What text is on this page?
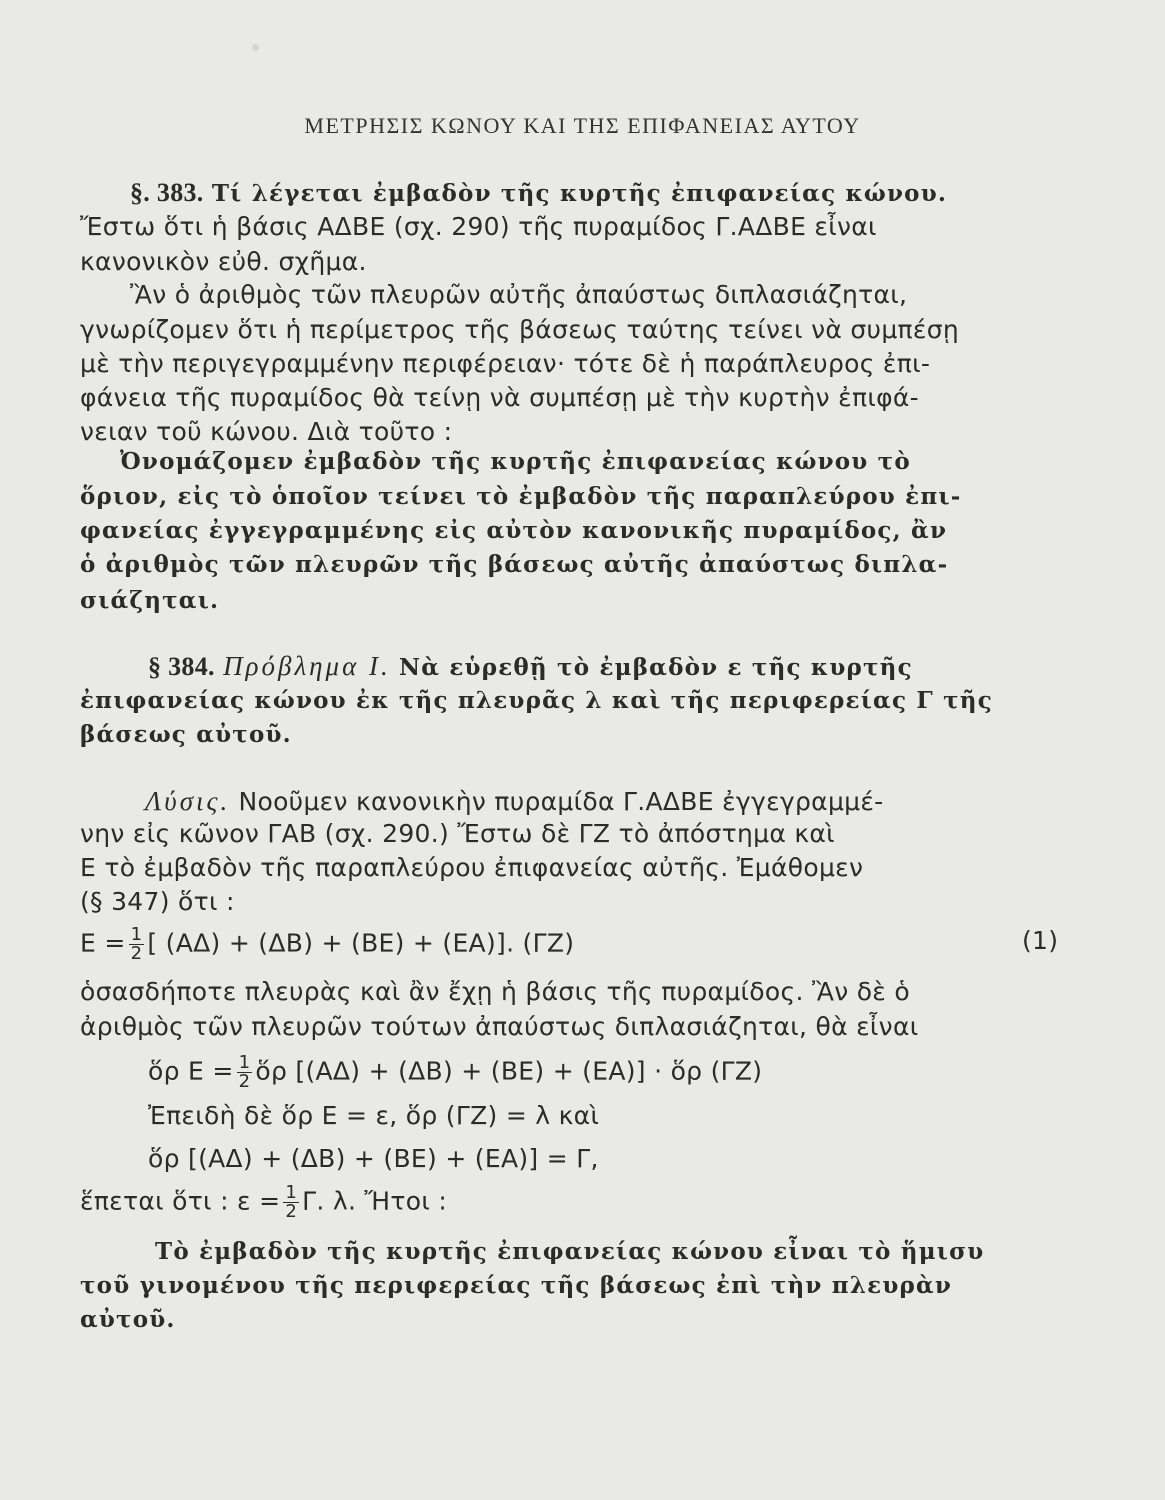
ΜΕΤΡΗΣΙΣ ΚΩΝΟΥ ΚΑΙ ΤΗΣ ΕΠΙΦΑΝΕΙΑΣ ΑΥΤΟΥ
§. 383. Τί λέγεται ἐμβαδὸν τῆς κυρτῆς ἐπιφανείας κώνου.
Ἔστω ὅτι ἡ βάσις ΑΔΒΕ (σχ. 290) τῆς πυραμίδος Γ.ΑΔΒΕ εἶναι
κανονικὸν εὐθ. σχῆμα.
Ἂν ὁ ἀριθμὸς τῶν πλευρῶν αὐτῆς ἀπαύστως διπλασιάζηται,
γνωρίζομεν ὅτι ἡ περίμετρος τῆς βάσεως ταύτης τείνει νὰ συμπέσῃ
μὲ τὴν περιγεγραμμένην περιφέρειαν· τότε δὲ ἡ παράπλευρος ἐπι-
φάνεια τῆς πυραμίδος θὰ τείνῃ νὰ συμπέσῃ μὲ τὴν κυρτὴν ἐπιφά-
νειαν τοῦ κώνου. Διὰ τοῦτο :
Ὀνομάζομεν ἐμβαδὸν τῆς κυρτῆς ἐπιφανείας κώνου τὸ
ὅριον, εἰς τὸ ὁποῖον τείνει τὸ ἐμβαδὸν τῆς παραπλεύρου ἐπι-
φανείας ἐγγεγραμμένης εἰς αὐτὸν κανονικῆς πυραμίδος, ἂν
ὁ ἀριθμὸς τῶν πλευρῶν τῆς βάσεως αὐτῆς ἀπαύστως διπλα-
σιάζηται.
§ 384. Πρόβλημα Ι. Νὰ εὑρεθῇ τὸ ἐμβαδὸν ε τῆς κυρτῆς
ἐπιφανείας κώνου ἐκ τῆς πλευρᾶς λ καὶ τῆς περιφερείας Γ τῆς
βάσεως αὐτοῦ.
Λύσις. Νοοῦμεν κανονικὴν πυραμίδα Γ.ΑΔΒΕ ἐγγεγραμμέ-
νην εἰς κῶνον ΓΑΒ (σχ. 290.) Ἔστω δὲ ΓΖ τὸ ἀπόστημα καὶ
Ε τὸ ἐμβαδὸν τῆς παραπλεύρου ἐπιφανείας αὐτῆς. Ἐμάθομεν
(§ 347) ὅτι :
$E = \frac{1}{2}$ [ (ΑΔ) + (ΔΒ) + (ΒΕ) + (ΕΑ)]. (ΓΖ)	(1)
ὁσασδήποτε πλευρὰς καὶ ἂν ἔχῃ ἡ βάσις τῆς πυραμίδος. Ἂν δὲ ὁ
ἀριθμὸς τῶν πλευρῶν τούτων ἀπαύστως διπλασιάζηται, θὰ εἶναι
ὅρ $E = \frac{1}{2}$ ὅρ [(ΑΔ) + (ΔΒ) + (ΒΕ) + (ΕΑ)] · ὅρ (ΓΖ)
Ἐπειδὴ δὲ ὅρ Ε = ε, ὅρ (ΓΖ) = λ καὶ
ὅρ [(ΑΔ) + (ΔΒ) + (ΒΕ) + (ΕΑ)] = Γ,
ἕπεται ὅτι : $\varepsilon = \frac{1}{2} \Gamma$. λ. Ἤτοι :
Τὸ ἐμβαδὸν τῆς κυρτῆς ἐπιφανείας κώνου εἶναι τὸ ἥμισυ
τοῦ γινομένου τῆς περιφερείας τῆς βάσεως ἐπὶ τὴν πλευρὰν
αὐτοῦ.
